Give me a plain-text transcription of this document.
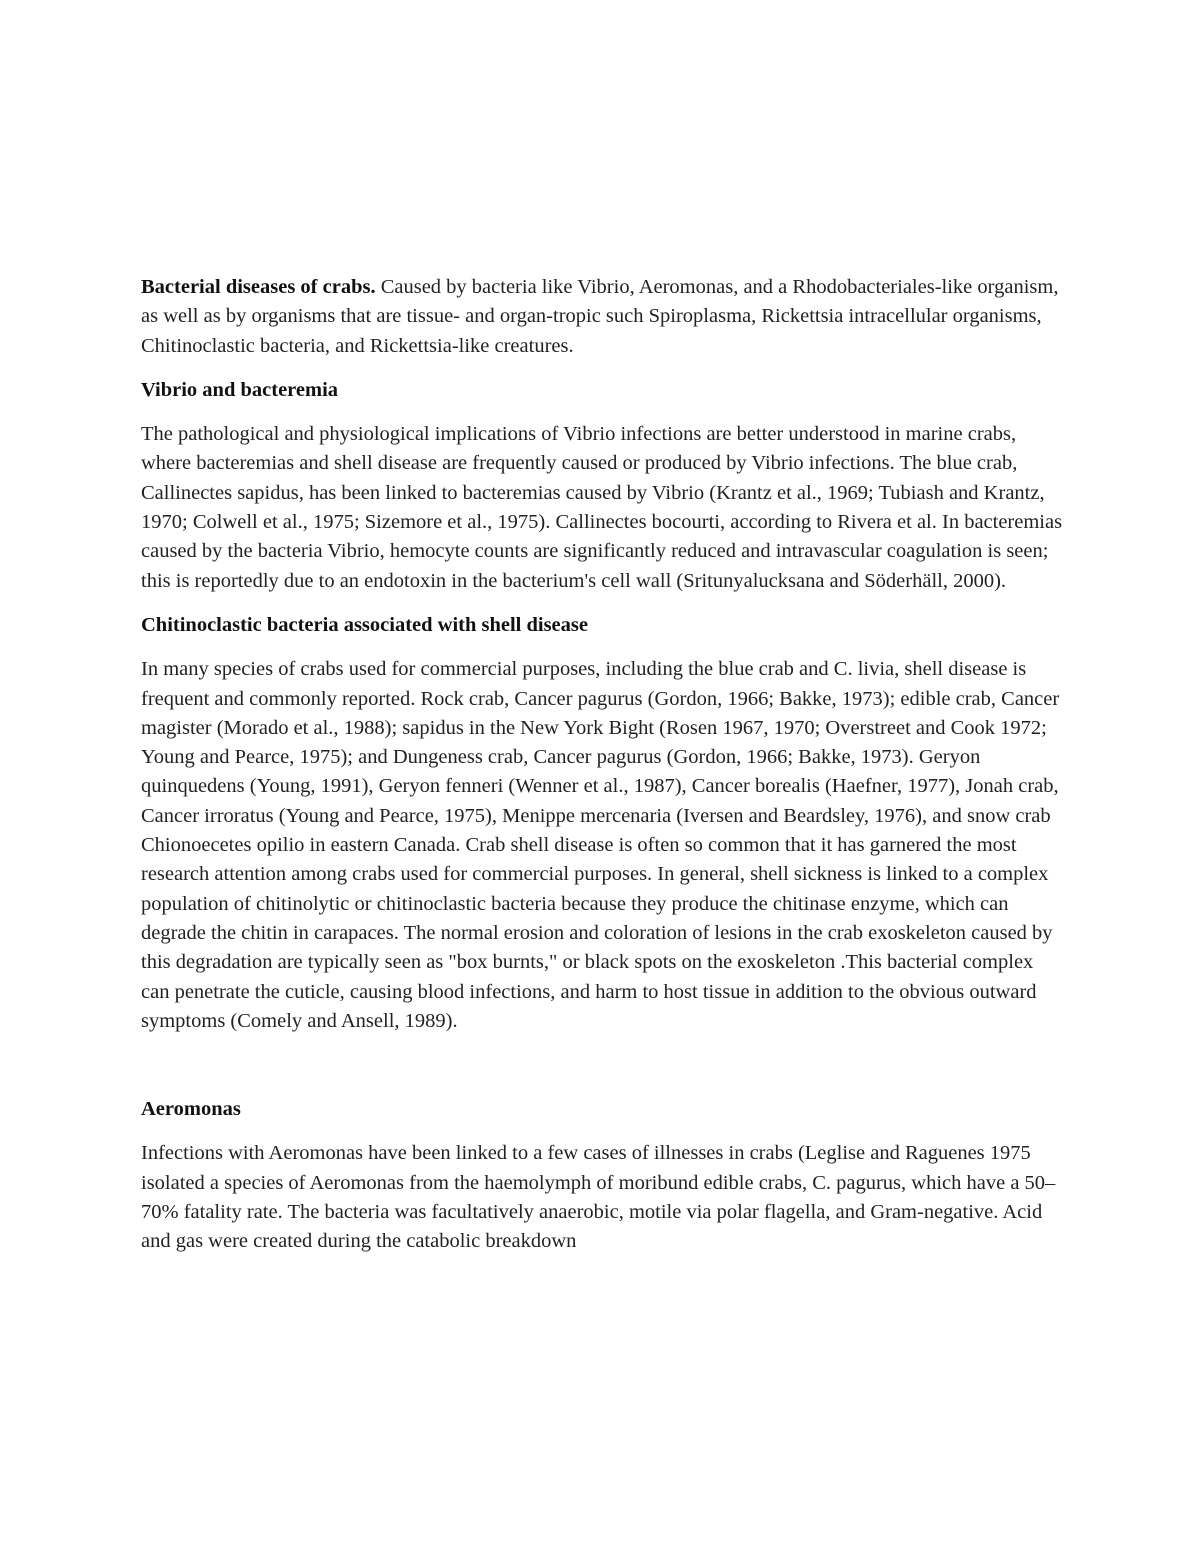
Bacterial diseases of crabs. Caused by bacteria like Vibrio, Aeromonas, and a Rhodobacteriales-like organism, as well as by organisms that are tissue- and organ-tropic such Spiroplasma, Rickettsia intracellular organisms, Chitinoclastic bacteria, and Rickettsia-like creatures.

Vibrio and bacteremia

The pathological and physiological implications of Vibrio infections are better understood in marine crabs, where bacteremias and shell disease are frequently caused or produced by Vibrio infections. The blue crab, Callinectes sapidus, has been linked to bacteremias caused by Vibrio (Krantz et al., 1969; Tubiash and Krantz, 1970; Colwell et al., 1975; Sizemore et al., 1975). Callinectes bocourti, according to Rivera et al. In bacteremias caused by the bacteria Vibrio, hemocyte counts are significantly reduced and intravascular coagulation is seen; this is reportedly due to an endotoxin in the bacterium's cell wall (Sritunyalucksana and Söderhäll, 2000).

Chitinoclastic bacteria associated with shell disease

In many species of crabs used for commercial purposes, including the blue crab and C. livia, shell disease is frequent and commonly reported. Rock crab, Cancer pagurus (Gordon, 1966; Bakke, 1973); edible crab, Cancer magister (Morado et al., 1988); sapidus in the New York Bight (Rosen 1967, 1970; Overstreet and Cook 1972; Young and Pearce, 1975); and Dungeness crab, Cancer pagurus (Gordon, 1966; Bakke, 1973). Geryon quinquedens (Young, 1991), Geryon fenneri (Wenner et al., 1987), Cancer borealis (Haefner, 1977), Jonah crab, Cancer irroratus (Young and Pearce, 1975), Menippe mercenaria (Iversen and Beardsley, 1976), and snow crab Chionoecetes opilio in eastern Canada. Crab shell disease is often so common that it has garnered the most research attention among crabs used for commercial purposes. In general, shell sickness is linked to a complex population of chitinolytic or chitinoclastic bacteria because they produce the chitinase enzyme, which can degrade the chitin in carapaces. The normal erosion and coloration of lesions in the crab exoskeleton caused by this degradation are typically seen as "box burnts," or black spots on the exoskeleton .This bacterial complex can penetrate the cuticle, causing blood infections, and harm to host tissue in addition to the obvious outward symptoms (Comely and Ansell, 1989).

Aeromonas

Infections with Aeromonas have been linked to a few cases of illnesses in crabs (Leglise and Raguenes 1975 isolated a species of Aeromonas from the haemolymph of moribund edible crabs, C. pagurus, which have a 50–70% fatality rate. The bacteria was facultatively anaerobic, motile via polar flagella, and Gram-negative. Acid and gas were created during the catabolic breakdown
